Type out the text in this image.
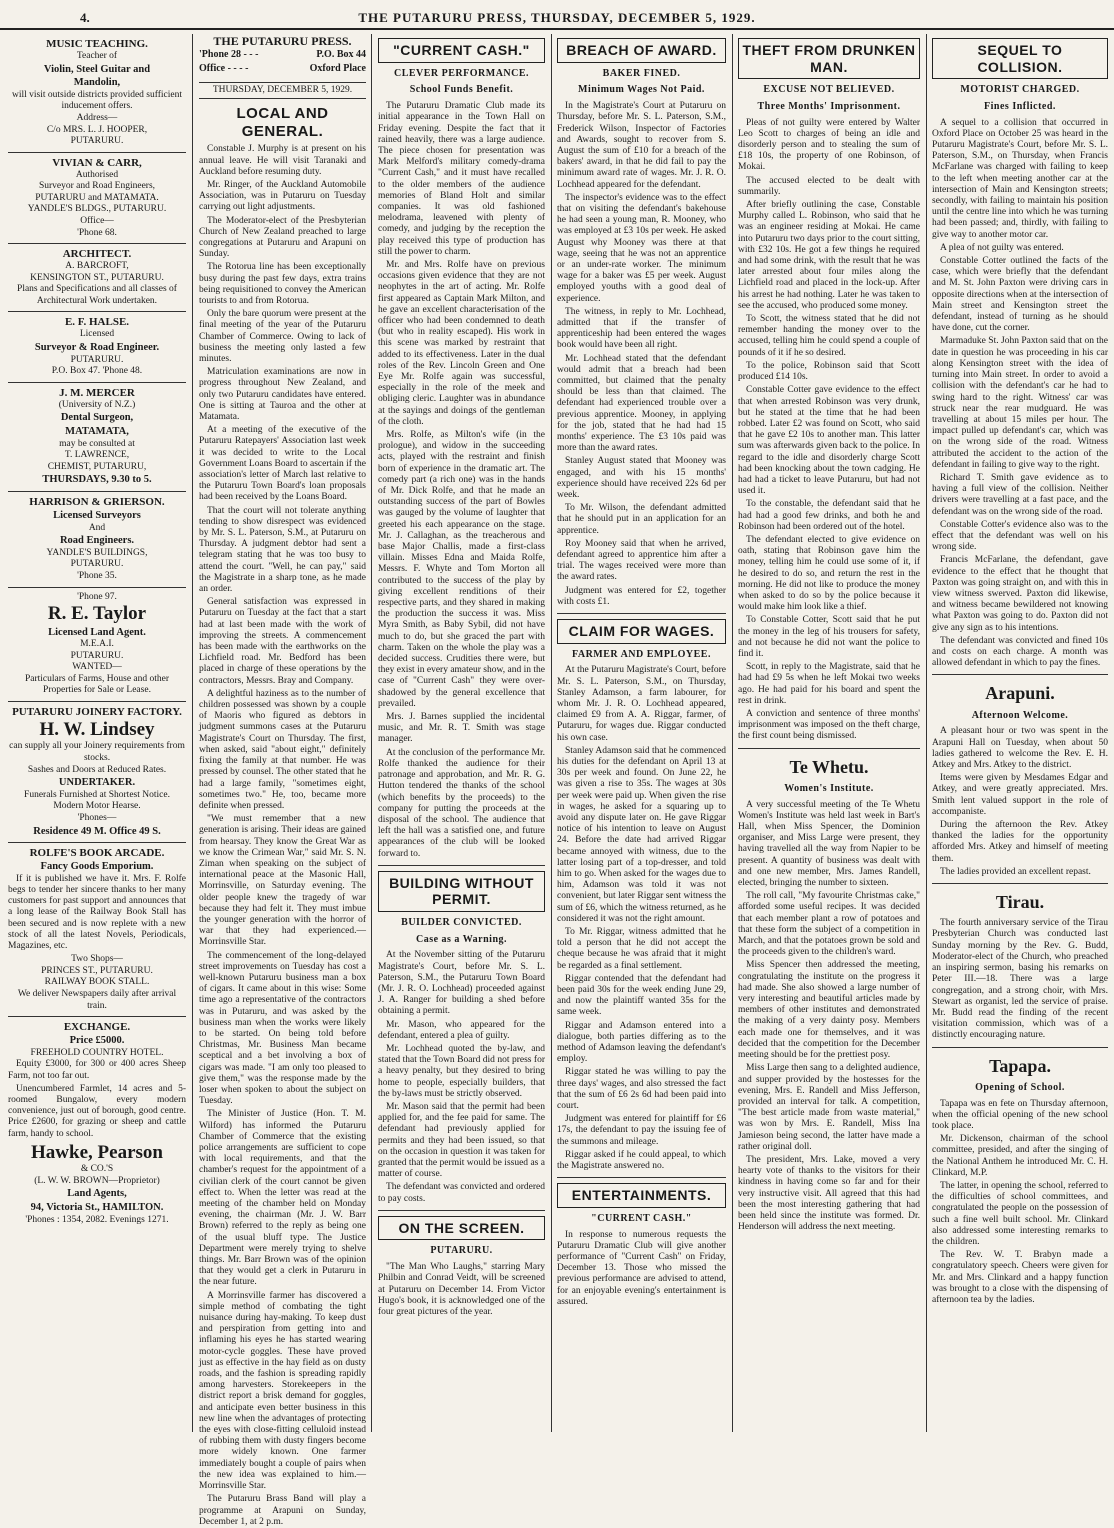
4.	THE PUTARURU PRESS, THURSDAY, DECEMBER 5, 1929.
MUSIC TEACHING.
Teacher of
Violin, Steel Guitar and
Mandolin,
will visit outside districts provided sufficient inducement offers.
Address—
C/o MRS. L. J. HOOPER,
PUTARURU.
VIVIAN & CARR,
Authorised
Surveyor and Road Engineers,
PUTARURU and MATAMATA.
YANDLE'S BLDGS., PUTARURU.
Office—
'Phone 68.
ARCHITECT.
A. BARCROFT,
KENSINGTON ST., PUTARURU.
Plans and Specifications and all classes of Architectural Work undertaken.
E. F. HALSE.
Licensed
Surveyor & Road Engineer.
PUTARURU.
P.O. Box 47. 'Phone 48.
J. M. MERCER
(University of N.Z.)
Dental Surgeon,
MATAMATA,
may be consulted at
T. LAWRENCE,
CHEMIST, PUTARURU,
THURSDAYS, 9.30 to 5.
HARRISON & GRIERSON.
Licensed Surveyors
And
Road Engineers.
YANDLE'S BUILDINGS,
PUTARURU.
'Phone 35.
'Phone 97.
R. E. Taylor
Licensed Land Agent.
M.E.A.I.
PUTARURU.
WANTED—
Particulars of Farms, House and other Properties for Sale or Lease.
PUTARURU JOINERY FACTORY.
H. W. Lindsey
can supply all your Joinery requirements from stocks.
Sashes and Doors at Reduced Rates.
UNDERTAKER.
Funerals Furnished at Shortest Notice.
Modern Motor Hearse.
'Phones—
Residence 49 M. Office 49 S.
ROLFE'S BOOK ARCADE.
Fancy Goods Emporium.

If it is published we have it. Mrs. F. Rolfe begs to tender her sincere thanks to her many customers for past support and announces that a long lease of the Railway Book Stall has been secured and is now replete with a new stock of all the latest Novels, Periodicals, Magazines, etc.

Two Shops—
PRINCES ST., PUTARURU.
RAILWAY BOOK STALL.
We deliver Newspapers daily after arrival train.
EXCHANGE.
Price £5000.
FREEHOLD COUNTRY HOTEL.

Equity £3000, for 300 or 400 acres Sheep Farm, not too far out.

Unencumbered Farmlet, 14 acres and 5-roomed Bungalow, every modern convenience, just out of borough, good centre. Price £2600, for grazing or sheep and cattle farm, handy to school.

Hawke, Pearson
& CO.'S
(L. W. W. BROWN—Proprietor)
Land Agents,
94, Victoria St., HAMILTON.
'Phones : 1354, 2082. Evenings 1271.
THE PUTARURU PRESS.
'Phone 28 - - -	P.O. Box 44
Office - - - -	Oxford Place
THURSDAY, DECEMBER 5, 1929.
LOCAL AND GENERAL.

Constable J. Murphy is at present on his annual leave. He will visit Taranaki and Auckland before resuming duty.

Mr. Ringer, of the Auckland Automobile Association, was in Putaruru on Tuesday carrying out light adjustments.

The Moderator-elect of the Presbyterian Church of New Zealand preached to large congregations at Putaruru and Arapuni on Sunday.

The Rotorua line has been exceptionally busy during the past few days, extra trains being requisitioned to convey the American tourists to and from Rotorua.

Only the bare quorum were present at the final meeting of the year of the Putaruru Chamber of Commerce. Owing to lack of business the meeting only lasted a few minutes.

Matriculation examinations are now in progress throughout New Zealand, and only two Putaruru candidates have entered. One is sitting at Tauroa and the other at Matamata.

At a meeting of the executive of the Putaruru Ratepayers' Association last week it was decided to write to the Local Government Loans Board to ascertain if the association's letter of March last relative to the Putaruru Town Board's loan proposals had been received by the Loans Board.

That the court will not tolerate anything tending to show disrespect was evidenced by Mr. S. L. Paterson, S.M., at Putaruru on Thursday. A judgment debtor had sent a telegram stating that he was too busy to attend the court. "Well, he can pay," said the Magistrate in a sharp tone, as he made an order.

General satisfaction was expressed in Putaruru on Tuesday at the fact that a start had at last been made with the work of improving the streets. A commencement has been made with the earthworks on the Lichfield road. Mr. Bedford has been placed in charge of these operations by the contractors, Messrs. Bray and Company.

A delightful haziness as to the number of children possessed was shown by a couple of Maoris who figured as debtors in judgment summons cases at the Putaruru Magistrate's Court on Thursday. The first, when asked, said "about eight," definitely fixing the family at that number. He was pressed by counsel. The other stated that he had a large family, "sometimes eight, sometimes two." He, too, became more definite when pressed.

"We must remember that a new generation is arising. Their ideas are gained from hearsay. They know the Great War as we know the Crimean War," said Mr. S. N. Ziman when speaking on the subject of international peace at the Masonic Hall, Morrinsville, on Saturday evening. The older people knew the tragedy of war because they had felt it. They must imbue the younger generation with the horror of war that they had experienced.—Morrinsville Star.

The commencement of the long-delayed street improvements on Tuesday has cost a well-known Putaruru business man a box of cigars. It came about in this wise: Some time ago a representative of the contractors was in Putaruru, and was asked by the business man when the works were likely to be started. On being told before Christmas, Mr. Business Man became sceptical and a bet involving a box of cigars was made. "I am only too pleased to give them," was the response made by the loser when spoken to about the subject on Tuesday.

The Minister of Justice (Hon. T. M. Wilford) has informed the Putaruru Chamber of Commerce that the existing police arrangements are sufficient to cope with local requirements, and that the chamber's request for the appointment of a civilian clerk of the court cannot be given effect to. When the letter was read at the meeting of the chamber held on Monday evening, the chairman (Mr. J. W. Barr Brown) referred to the reply as being one of the usual bluff type. The Justice Department were merely trying to shelve things. Mr. Barr Brown was of the opinion that they would get a clerk in Putaruru in the near future.

A Morrinsville farmer has discovered a simple method of combating the tight nuisance during hay-making. To keep dust and perspiration from getting into and inflaming his eyes he has started wearing motor-cycle goggles. These have proved just as effective in the hay field as on dusty roads, and the fashion is spreading rapidly among harvesters. Storekeepers in the district report a brisk demand for goggles, and anticipate even better business in this new line when the advantages of protecting the eyes with close-fitting celluloid instead of rubbing them with dusty fingers become more widely known. One farmer immediately bought a couple of pairs when the new idea was explained to him.—Morrinsville Star.

The Putaruru Brass Band will play a programme at Arapuni on Sunday, December 1, at 2 p.m.

"CURRENT CASH."
CLEVER PERFORMANCE.
School Funds Benefit.

The Putaruru Dramatic Club made its initial appearance in the Town Hall on Friday evening. Despite the fact that it rained heavily, there was a large audience. The piece chosen for presentation was Mark Melford's military comedy-drama "Current Cash," and it must have recalled to the older members of the audience memories of Bland Holt and similar companies. It was old fashioned melodrama, leavened with plenty of comedy, and judging by the reception the play received this type of production has still the power to charm.

Mr. and Mrs. Rolfe have on previous occasions given evidence that they are not neophytes in the art of acting. Mr. Rolfe first appeared as Captain Mark Milton, and he gave an excellent characterisation of the officer who had been condemned to death (but who in reality escaped). His work in this scene was marked by restraint that added to its effectiveness. Later in the dual roles of the Rev. Lincoln Green and One Eye Mr. Rolfe again was successful, especially in the role of the meek and obliging cleric. Laughter was in abundance at the sayings and doings of the gentleman of the cloth.

Mrs. Rolfe, as Milton's wife (in the prologue), and widow in the succeeding acts, played with the restraint and finish born of experience in the dramatic art. The comedy part (a rich one) was in the hands of Mr. Dick Rolfe, and that he made an outstanding success of the part of Bowles was gauged by the volume of laughter that greeted his each appearance on the stage. Mr. J. Callaghan, as the treacherous and base Major Challis, made a first-class villain. Misses Edna and Maida Rolfe, Messrs. F. Whyte and Tom Morton all contributed to the success of the play by giving excellent renditions of their respective parts, and they shared in making the production the success it was. Miss Myra Smith, as Baby Sybil, did not have much to do, but she graced the part with charm. Taken on the whole the play was a decided success. Crudities there were, but they exist in every amateur show, and in the case of "Current Cash" they were over-shadowed by the general excellence that prevailed.

Mrs. J. Barnes supplied the incidental music, and Mr. R. T. Smith was stage manager.

At the conclusion of the performance Mr. Rolfe thanked the audience for their patronage and approbation, and Mr. R. G. Hutton tendered the thanks of the school (which benefits by the proceeds) to the company for putting the proceeds at the disposal of the school. The audience that left the hall was a satisfied one, and future appearances of the club will be looked forward to.

BUILDING WITHOUT PERMIT.
BUILDER CONVICTED.
Case as a Warning.

At the November sitting of the Putaruru Magistrate's Court, before Mr. S. L. Paterson, S.M., the Putaruru Town Board (Mr. J. R. O. Lochhead) proceeded against J. A. Ranger for building a shed before obtaining a permit.

Mr. Mason, who appeared for the defendant, entered a plea of guilty.

Mr. Lochhead quoted the by-law, and stated that the Town Board did not press for a heavy penalty, but they desired to bring home to people, especially builders, that the by-laws must be strictly observed.

Mr. Mason said that the permit had been applied for, and the fee paid for same. The defendant had previously applied for permits and they had been issued, so that on the occasion in question it was taken for granted that the permit would be issued as a matter of course.

The defendant was convicted and ordered to pay costs.

ON THE SCREEN.
PUTARURU.

"The Man Who Laughs," starring Mary Philbin and Conrad Veidt, will be screened at Putaruru on December 14. From Victor Hugo's book, it is acknowledged one of the four great pictures of the year.

BREACH OF AWARD.
BAKER FINED.
Minimum Wages Not Paid.

In the Magistrate's Court at Putaruru on Thursday, before Mr. S. L. Paterson, S.M., Frederick Wilson, Inspector of Factories and Awards, sought to recover from S. August the sum of £10 for a breach of the bakers' award, in that he did fail to pay the minimum award rate of wages. Mr. J. R. O. Lochhead appeared for the defendant.

The inspector's evidence was to the effect that on visiting the defendant's bakehouse he had seen a young man, R. Mooney, who was employed at £3 10s per week. He asked August why Mooney was there at that wage, seeing that he was not an apprentice or an under-rate worker. The minimum wage for a baker was £5 per week. August employed youths with a good deal of experience.

The witness, in reply to Mr. Lochhead, admitted that if the transfer of apprenticeship had been entered the wages book would have been all right.

Mr. Lochhead stated that the defendant would admit that a breach had been committed, but claimed that the penalty should be less than that claimed. The defendant had experienced trouble over a previous apprentice. Mooney, in applying for the job, stated that he had had 15 months' experience. The £3 10s paid was more than the award rates.

Stanley August stated that Mooney was engaged, and with his 15 months' experience should have received 22s 6d per week.

To Mr. Wilson, the defendant admitted that he should put in an application for an apprentice.

Roy Mooney said that when he arrived, defendant agreed to apprentice him after a trial. The wages received were more than the award rates.

Judgment was entered for £2, together with costs £1.

CLAIM FOR WAGES.
FARMER AND EMPLOYEE.

At the Putaruru Magistrate's Court, before Mr. S. L. Paterson, S.M., on Thursday, Stanley Adamson, a farm labourer, for whom Mr. J. R. O. Lochhead appeared, claimed £9 from A. A. Riggar, farmer, of Putaruru, for wages due. Riggar conducted his own case.

Stanley Adamson said that he commenced his duties for the defendant on April 13 at 30s per week and found. On June 22, he was given a rise to 35s. The wages at 30s per week were paid up. When given the rise in wages, he asked for a squaring up to avoid any dispute later on. He gave Riggar notice of his intention to leave on August 24. Before the date had arrived Riggar became annoyed with witness, due to the latter losing part of a top-dresser, and told him to go. When asked for the wages due to him, Adamson was told it was not convenient, but later Riggar sent witness the sum of £6, which the witness returned, as he considered it was not the right amount.

To Mr. Riggar, witness admitted that he told a person that he did not accept the cheque because he was afraid that it might be regarded as a final settlement.

Riggar contended that the defendant had been paid 30s for the week ending June 29, and now the plaintiff wanted 35s for the same week.

Riggar and Adamson entered into a dialogue, both parties differing as to the method of Adamson leaving the defendant's employ.

Riggar stated he was willing to pay the three days' wages, and also stressed the fact that the sum of £6 2s 6d had been paid into court.

Judgment was entered for plaintiff for £6 17s, the defendant to pay the issuing fee of the summons and mileage.

Riggar asked if he could appeal, to which the Magistrate answered no.

ENTERTAINMENTS.
"CURRENT CASH."

In response to numerous requests the Putaruru Dramatic Club will give another performance of "Current Cash" on Friday, December 13. Those who missed the previous performance are advised to attend, for an enjoyable evening's entertainment is assured.

THEFT FROM DRUNKEN MAN.
EXCUSE NOT BELIEVED.
Three Months' Imprisonment.

Pleas of not guilty were entered by Walter Leo Scott to charges of being an idle and disorderly person and to stealing the sum of £18 10s, the property of one Robinson, of Mokai.

The accused elected to be dealt with summarily.

After briefly outlining the case, Constable Murphy called L. Robinson, who said that he was an engineer residing at Mokai. He came into Putaruru two days prior to the court sitting, with £32 10s. He got a few things he required and had some drink, with the result that he was later arrested about four miles along the Lichfield road and placed in the lock-up. After his arrest he had nothing. Later he was taken to see the accused, who produced some money.

To Scott, the witness stated that he did not remember handing the money over to the accused, telling him he could spend a couple of pounds of it if he so desired.

To the police, Robinson said that Scott produced £14 10s.

Constable Cotter gave evidence to the effect that when arrested Robinson was very drunk, but he stated at the time that he had been robbed. Later £2 was found on Scott, who said that he gave £2 10s to another man. This latter sum was afterwards given back to the police. In regard to the idle and disorderly charge Scott had been knocking about the town cadging. He had had a ticket to leave Putaruru, but had not used it.

To the constable, the defendant said that he had had a good few drinks, and both he and Robinson had been ordered out of the hotel.

The defendant elected to give evidence on oath, stating that Robinson gave him the money, telling him he could use some of it, if he desired to do so, and return the rest in the morning. He did not like to produce the money when asked to do so by the police because it would make him look like a thief.

To Constable Cotter, Scott said that he put the money in the leg of his trousers for safety, and not because he did not want the police to find it.

Scott, in reply to the Magistrate, said that he had had £9 5s when he left Mokai two weeks ago. He had paid for his board and spent the rest in drink.

A conviction and sentence of three months' imprisonment was imposed on the theft charge, the first count being dismissed.

Te Whetu.
Women's Institute.

A very successful meeting of the Te Whetu Women's Institute was held last week in Bart's Hall, when Miss Spencer, the Dominion organiser, and Miss Large were present, they having travelled all the way from Napier to be present. A quantity of business was dealt with and one new member, Mrs. James Randell, elected, bringing the number to sixteen.

The roll call, "My favourite Christmas cake," afforded some useful recipes. It was decided that each member plant a row of potatoes and that these form the subject of a competition in March, and that the potatoes grown be sold and the proceeds given to the children's ward.

Miss Spencer then addressed the meeting, congratulating the institute on the progress it had made. She also showed a large number of very interesting and beautiful articles made by members of other institutes and demonstrated the making of a very dainty posy. Members each made one for themselves, and it was decided that the competition for the December meeting should be for the prettiest posy.

Miss Large then sang to a delighted audience, and supper provided by the hostesses for the evening, Mrs. E. Randell and Miss Jefferson, provided an interval for talk. A competition, "The best article made from waste material," was won by Mrs. E. Randell, Miss Ina Jamieson being second, the latter have made a rather original doll.

The president, Mrs. Lake, moved a very hearty vote of thanks to the visitors for their kindness in having come so far and for their very instructive visit. All agreed that this had been the most interesting gathering that had been held since the institute was formed. Dr. Henderson will address the next meeting.

SEQUEL TO COLLISION.
MOTORIST CHARGED.
Fines Inflicted.

A sequel to a collision that occurred in Oxford Place on October 25 was heard in the Putaruru Magistrate's Court, before Mr. S. L. Paterson, S.M., on Thursday, when Francis McFarlane was charged with failing to keep to the left when meeting another car at the intersection of Main and Kensington streets; secondly, with failing to maintain his position until the centre line into which he was turning had been passed; and, thirdly, with failing to give way to another motor car.

A plea of not guilty was entered.

Constable Cotter outlined the facts of the case, which were briefly that the defendant and M. St. John Paxton were driving cars in opposite directions when at the intersection of Main street and Kensington street the defendant, instead of turning as he should have done, cut the corner.

Marmaduke St. John Paxton said that on the date in question he was proceeding in his car along Kensington street with the idea of turning into Main street. In order to avoid a collision with the defendant's car he had to swing hard to the right. Witness' car was struck near the rear mudguard. He was travelling at about 15 miles per hour. The impact pulled up defendant's car, which was on the wrong side of the road. Witness attributed the accident to the action of the defendant in failing to give way to the right.

Richard T. Smith gave evidence as to having a full view of the collision. Neither drivers were travelling at a fast pace, and the defendant was on the wrong side of the road.

Constable Cotter's evidence also was to the effect that the defendant was well on his wrong side.

Francis McFarlane, the defendant, gave evidence to the effect that he thought that Paxton was going straight on, and with this in view witness swerved. Paxton did likewise, and witness became bewildered not knowing what Paxton was going to do. Paxton did not give any sign as to his intentions.

The defendant was convicted and fined 10s and costs on each charge. A month was allowed defendant in which to pay the fines.

Arapuni.
Afternoon Welcome.

A pleasant hour or two was spent in the Arapuni Hall on Tuesday, when about 50 ladies gathered to welcome the Rev. E. H. Atkey and Mrs. Atkey to the district.

Items were given by Mesdames Edgar and Atkey, and were greatly appreciated. Mrs. Smith lent valued support in the role of accompaniste.

During the afternoon the Rev. Atkey thanked the ladies for the opportunity afforded Mrs. Atkey and himself of meeting them.

The ladies provided an excellent repast.

Tirau.

The fourth anniversary service of the Tirau Presbyterian Church was conducted last Sunday morning by the Rev. G. Budd, Moderator-elect of the Church, who preached an inspiring sermon, basing his remarks on Peter III.—18. There was a large congregation, and a strong choir, with Mrs. Stewart as organist, led the service of praise. Mr. Budd read the finding of the recent visitation commission, which was of a distinctly encouraging nature.

Tapapa.
Opening of School.

Tapapa was en fete on Thursday afternoon, when the official opening of the new school took place.

Mr. Dickenson, chairman of the school committee, presided, and after the singing of the National Anthem he introduced Mr. C. H. Clinkard, M.P.

The latter, in opening the school, referred to the difficulties of school committees, and congratulated the people on the possession of such a fine well built school. Mr. Clinkard also addressed some interesting remarks to the children.

The Rev. W. T. Brabyn made a congratulatory speech. Cheers were given for Mr. and Mrs. Clinkard and a happy function was brought to a close with the dispensing of afternoon tea by the ladies.
